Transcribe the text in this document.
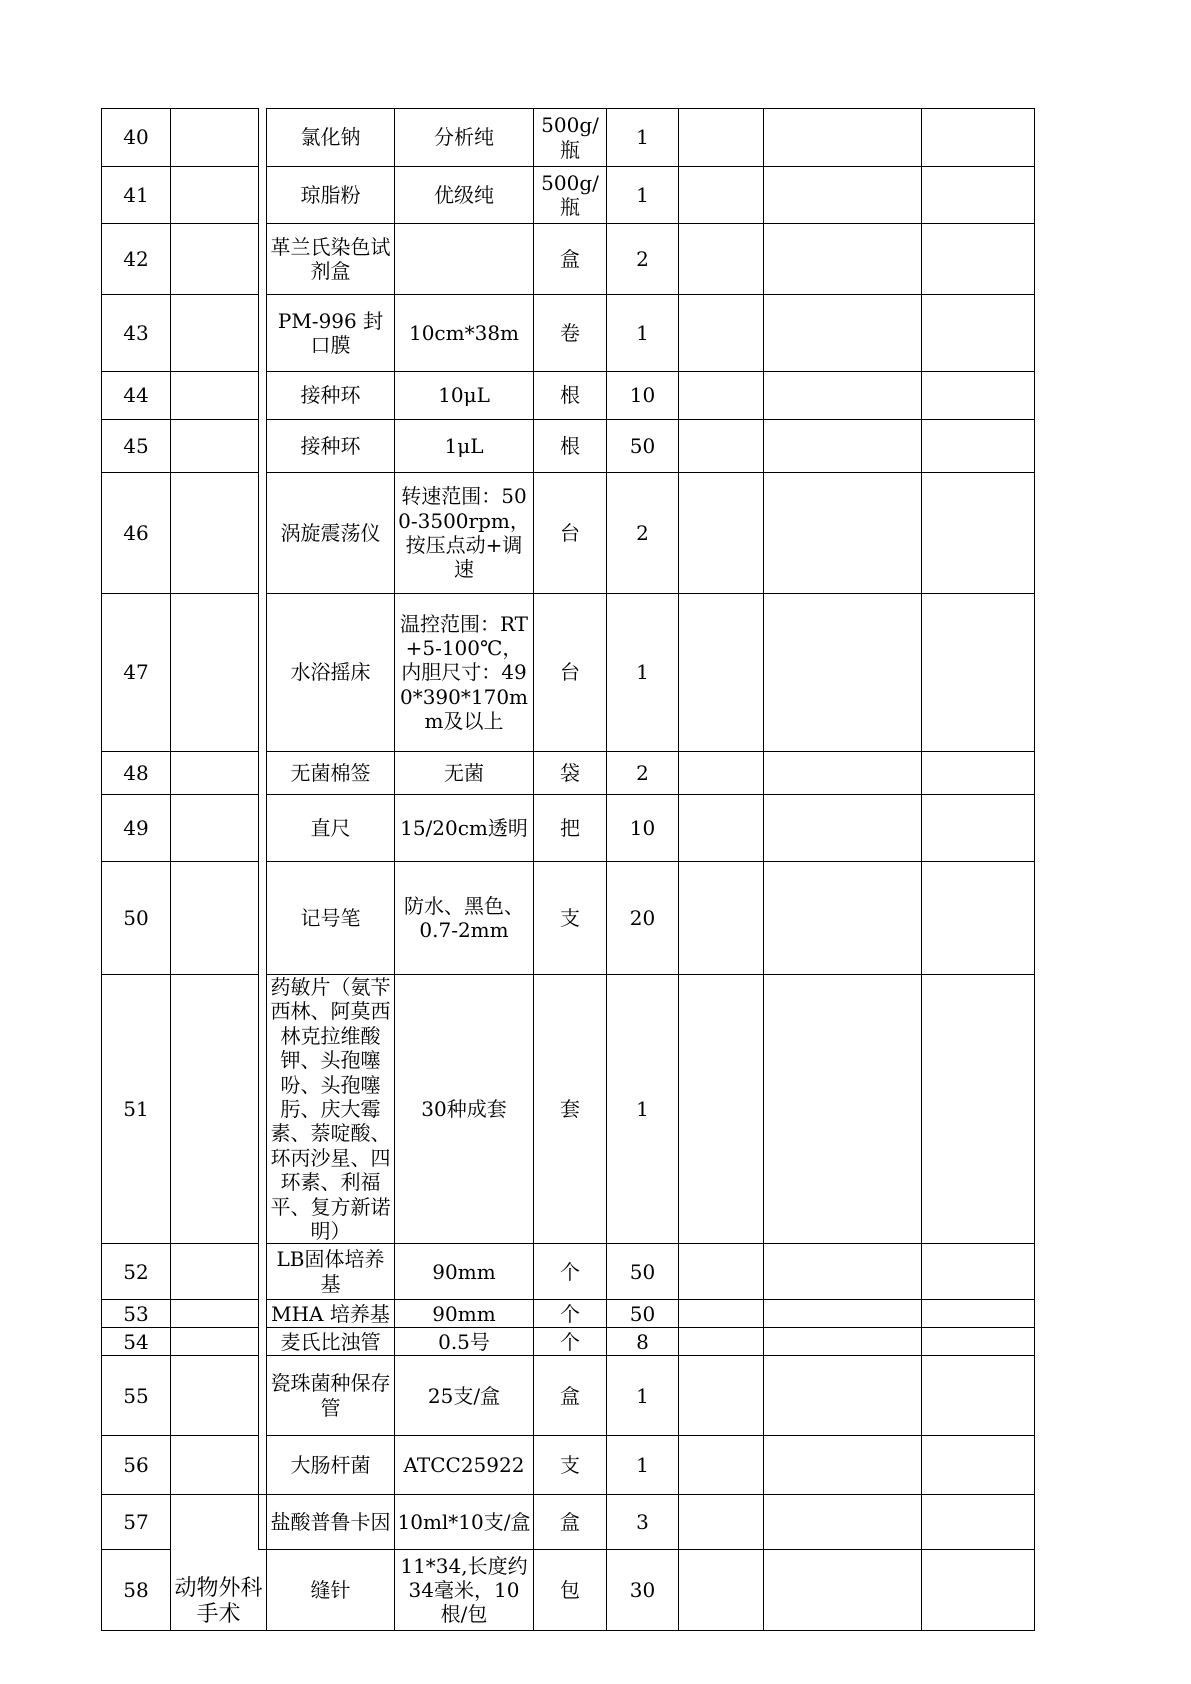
40			氯化钠	分析纯	500g/瓶	1			
41			琼脂粉	优级纯	500g/瓶	1			
42			革兰氏染色试剂盒		盒	2			
43			PM-996 封口膜	10cm*38m	卷	1			
44			接种环	10μL	根	10			
45			接种环	1μL	根	50			
46			涡旋震荡仪	转速范围：500-3500rpm，按压点动+调速	台	2			
47			水浴摇床	温控范围：RT+5-100℃，内胆尺寸：490*390*170mm及以上	台	1			
48			无菌棉签	无菌	袋	2			
49			直尺	15/20cm透明	把	10			
50			记号笔	防水、黑色、0.7-2mm	支	20			
51			药敏片（氨苄西林、阿莫西林克拉维酸钾、头孢噻吩、头孢噻肟、庆大霉素、萘啶酸、环丙沙星、四环素、利福平、复方新诺明）	30种成套	套	1			
52			LB固体培养基	90mm	个	50			
53			MHA 培养基	90mm	个	50			
54			麦氏比浊管	0.5号	个	8			
55			瓷珠菌种保存管	25支/盒	盒	1			
56			大肠杆菌	ATCC25922	支	1			
57			盐酸普鲁卡因	10ml*10支/盒	盒	3			
58	动物外科手术		缝针	11*34,长度约34毫米，10根/包	包	30			
